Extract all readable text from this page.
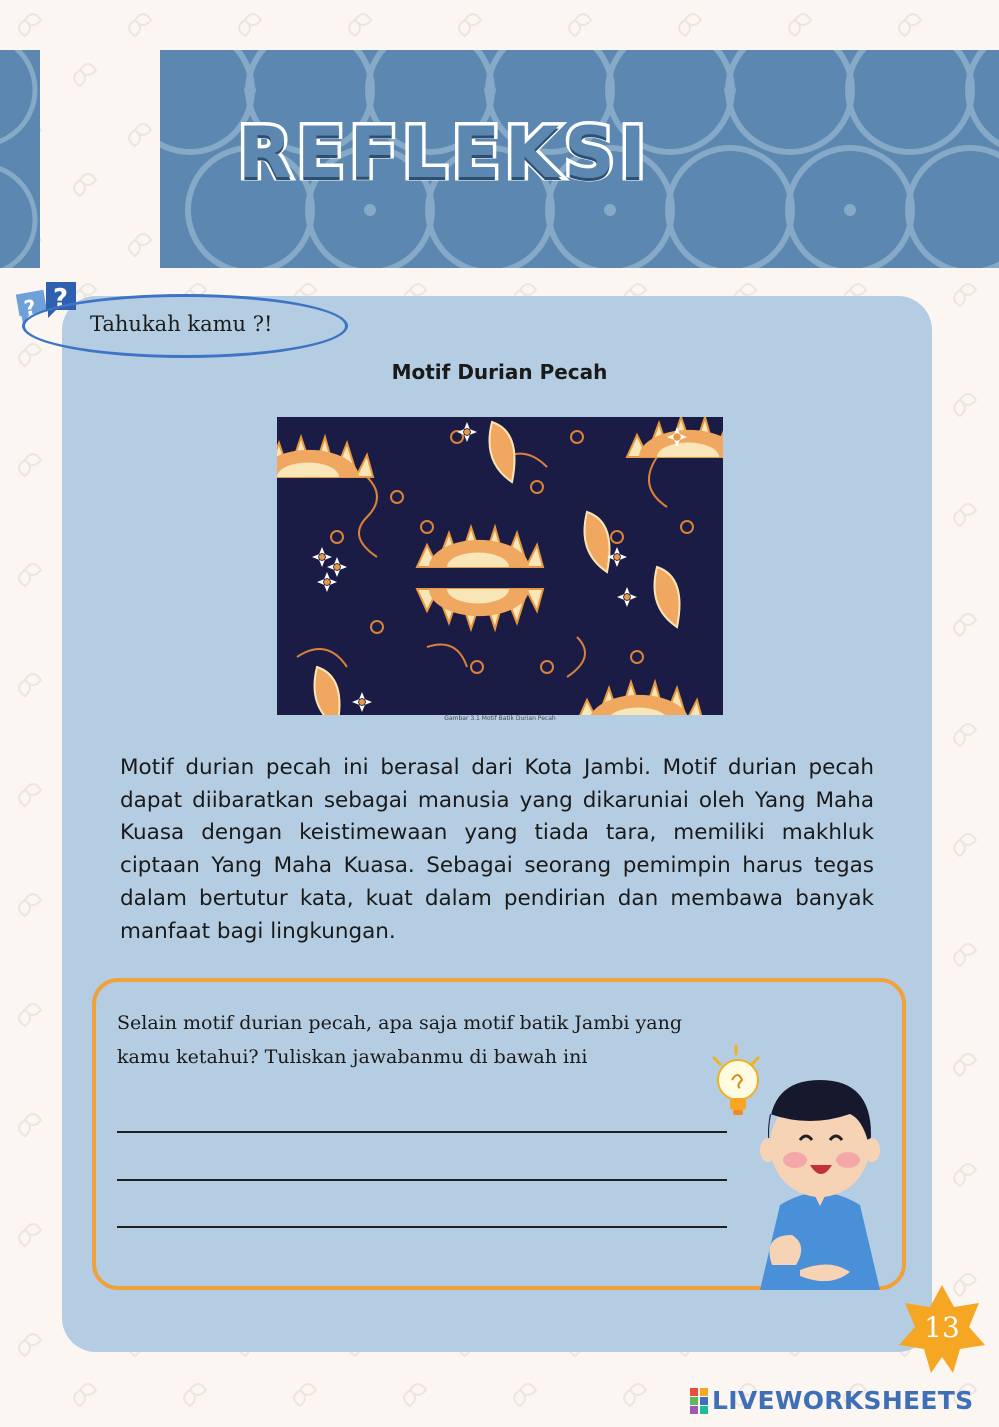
REFLEKSI
? ?
Tahukah kamu ?!
Motif Durian Pecah
Gambar 3.1 Motif Batik Durian Pecah

Motif durian pecah ini berasal dari Kota Jambi. Motif durian pecah dapat diibaratkan sebagai manusia yang dikaruniai oleh Yang Maha Kuasa dengan keistimewaan yang tiada tara, memiliki makhluk ciptaan Yang Maha Kuasa. Sebagai seorang pemimpin harus tegas dalam bertutur kata, kuat dalam pendirian dan membawa banyak manfaat bagi lingkungan.

Selain motif durian pecah, apa saja motif batik Jambi yang kamu ketahui? Tuliskan jawabanmu di bawah ini

13
LIVEWORKSHEETS
